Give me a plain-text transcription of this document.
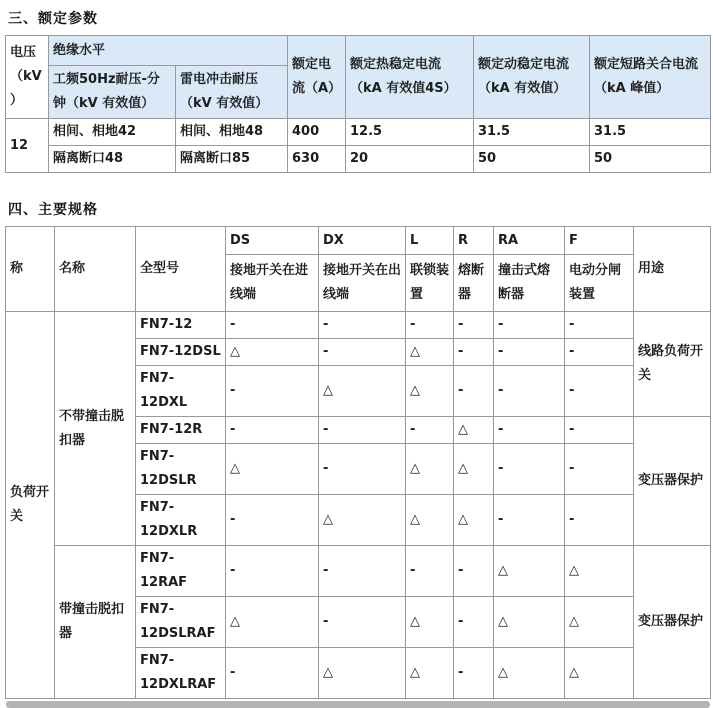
三、额定参数
电压（kV）	绝缘水平		额定电流（A）	额定热稳定电流（kA 有效值4S）	额定动稳定电流（kA 有效值）	额定短路关合电流（kA 峰值）
	工频50Hz耐压-分钟（kV 有效值）	雷电冲击耐压（kV 有效值）				
12	相间、相地42	相间、相地48	400	12.5	31.5	31.5
	隔离断口48	隔离断口85	630	20	50	50
四、主要规格
称	名称	全型号	DS	DX	L	R	RA	F	用途
			接地开关在进线端	接地开关在出线端	联锁装置	熔断器	撞击式熔断器	电动分闸装置	
负荷开关	不带撞击脱扣器	FN7-12	-	-	-	-	-	-	线路负荷开关
		FN7-12DSL	△	-	△	-	-	-	
		FN7-12DXL	-	△	△	-	-	-	
		FN7-12R	-	-	-	△	-	-	变压器保护
		FN7-12DSLR	△	-	△	△	-	-	
		FN7-12DXLR	-	△	△	△	-	-	
	带撞击脱扣器	FN7-12RAF	-	-	-	-	△	△	变压器保护
		FN7-12DSLRAF	△	-	△	-	△	△	
		FN7-12DXLRAF	-	△	△	-	△	△	
